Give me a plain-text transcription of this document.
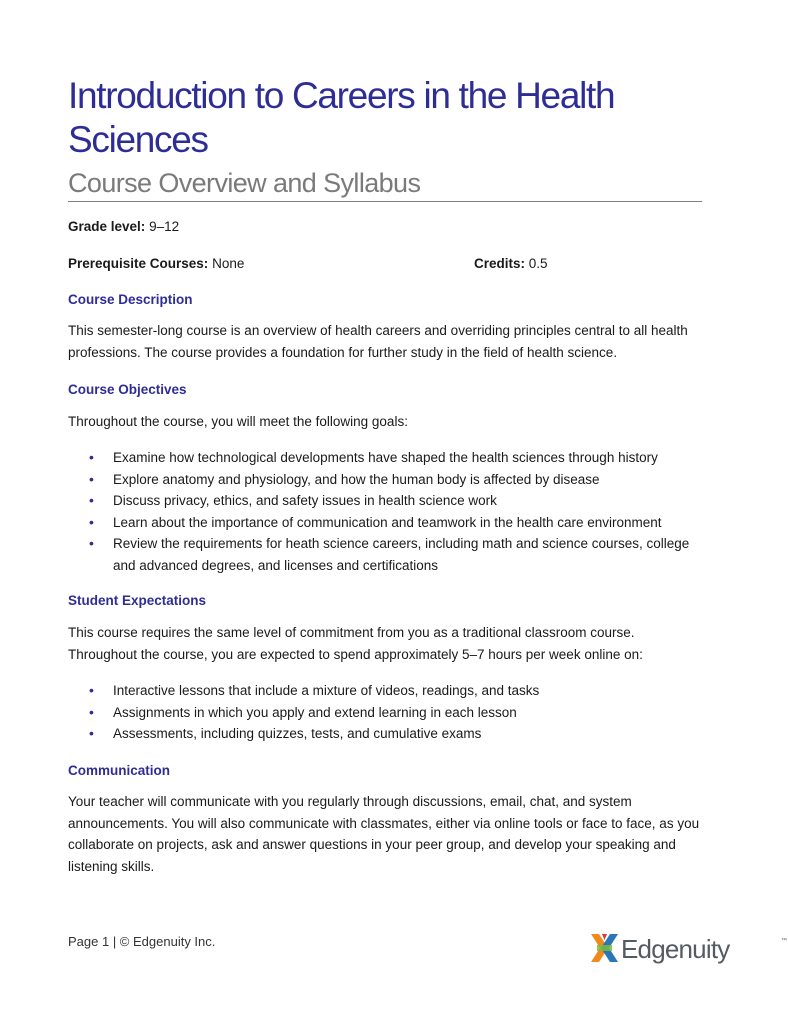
Introduction to Careers in the Health Sciences
Course Overview and Syllabus
Grade level: 9–12
Prerequisite Courses: None	Credits: 0.5
Course Description

This semester-long course is an overview of health careers and overriding principles central to all health professions. The course provides a foundation for further study in the field of health science.

Course Objectives

Throughout the course, you will meet the following goals:

• Examine how technological developments have shaped the health sciences through history
• Explore anatomy and physiology, and how the human body is affected by disease
• Discuss privacy, ethics, and safety issues in health science work
• Learn about the importance of communication and teamwork in the health care environment
• Review the requirements for heath science careers, including math and science courses, college and advanced degrees, and licenses and certifications
Student Expectations

This course requires the same level of commitment from you as a traditional classroom course. Throughout the course, you are expected to spend approximately 5–7 hours per week online on:

• Interactive lessons that include a mixture of videos, readings, and tasks
• Assignments in which you apply and extend learning in each lesson
• Assessments, including quizzes, tests, and cumulative exams
Communication

Your teacher will communicate with you regularly through discussions, email, chat, and system announcements. You will also communicate with classmates, either via online tools or face to face, as you collaborate on projects, ask and answer questions in your peer group, and develop your speaking and listening skills.

Page 1 | © Edgenuity Inc.	Edgenuity	™
